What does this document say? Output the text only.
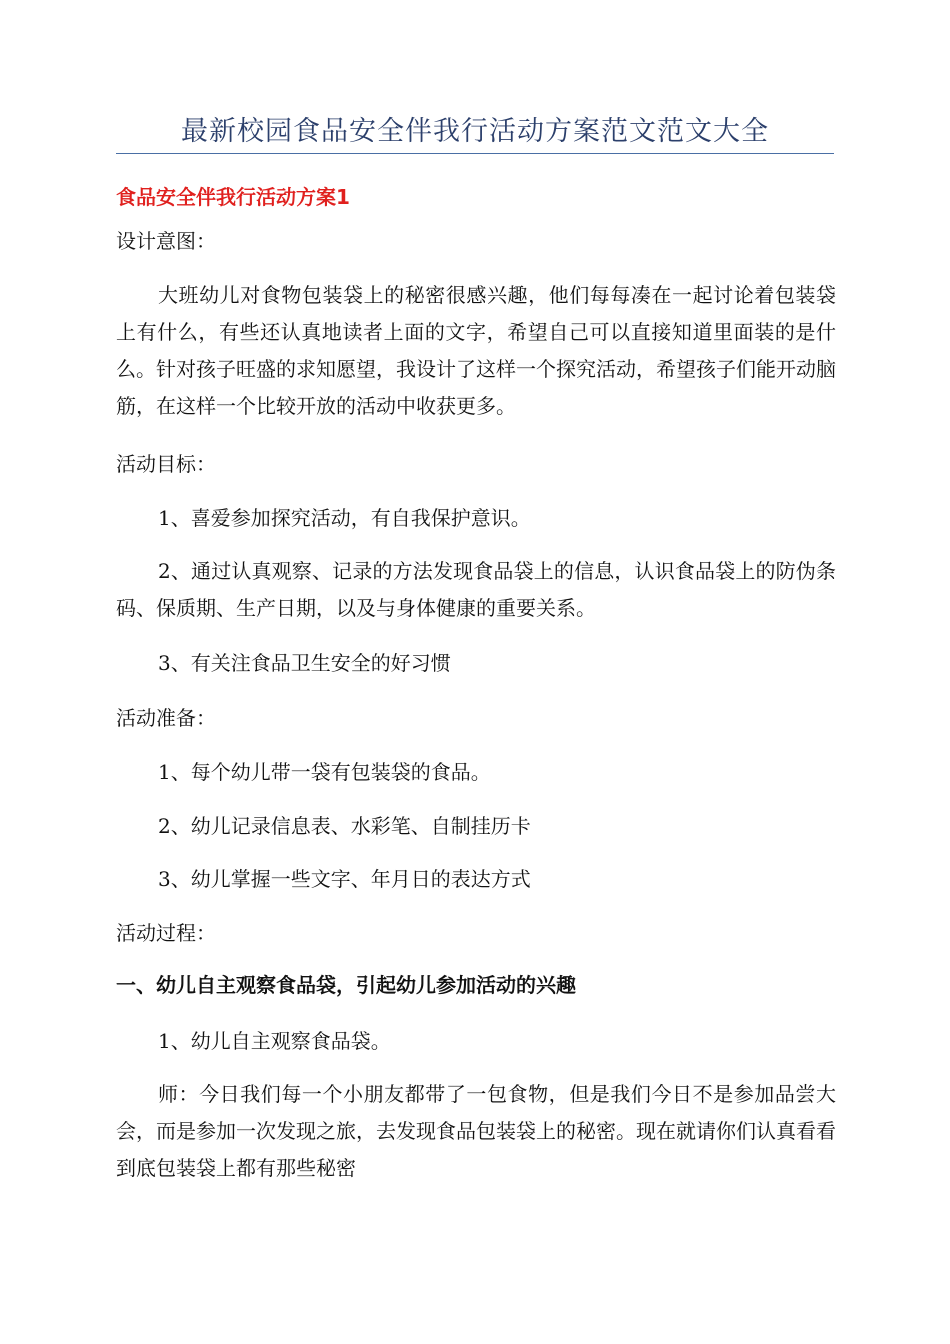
最新校园食品安全伴我行活动方案范文范文大全
食品安全伴我行活动方案1
设计意图：
大班幼儿对食物包装袋上的秘密很感兴趣，他们每每凑在一起讨论着包装袋上有什么，有些还认真地读者上面的文字，希望自己可以直接知道里面装的是什么。针对孩子旺盛的求知愿望，我设计了这样一个探究活动，希望孩子们能开动脑筋，在这样一个比较开放的活动中收获更多。
活动目标：
1、喜爱参加探究活动，有自我保护意识。
2、通过认真观察、记录的方法发现食品袋上的信息，认识食品袋上的防伪条码、保质期、生产日期，以及与身体健康的重要关系。
3、有关注食品卫生安全的好习惯
活动准备：
1、每个幼儿带一袋有包装袋的食品。
2、幼儿记录信息表、水彩笔、自制挂历卡
3、幼儿掌握一些文字、年月日的表达方式
活动过程：
一、幼儿自主观察食品袋，引起幼儿参加活动的兴趣
1、幼儿自主观察食品袋。
师：今日我们每一个小朋友都带了一包食物，但是我们今日不是参加品尝大会，而是参加一次发现之旅，去发现食品包装袋上的秘密。现在就请你们认真看看到底包装袋上都有那些秘密
